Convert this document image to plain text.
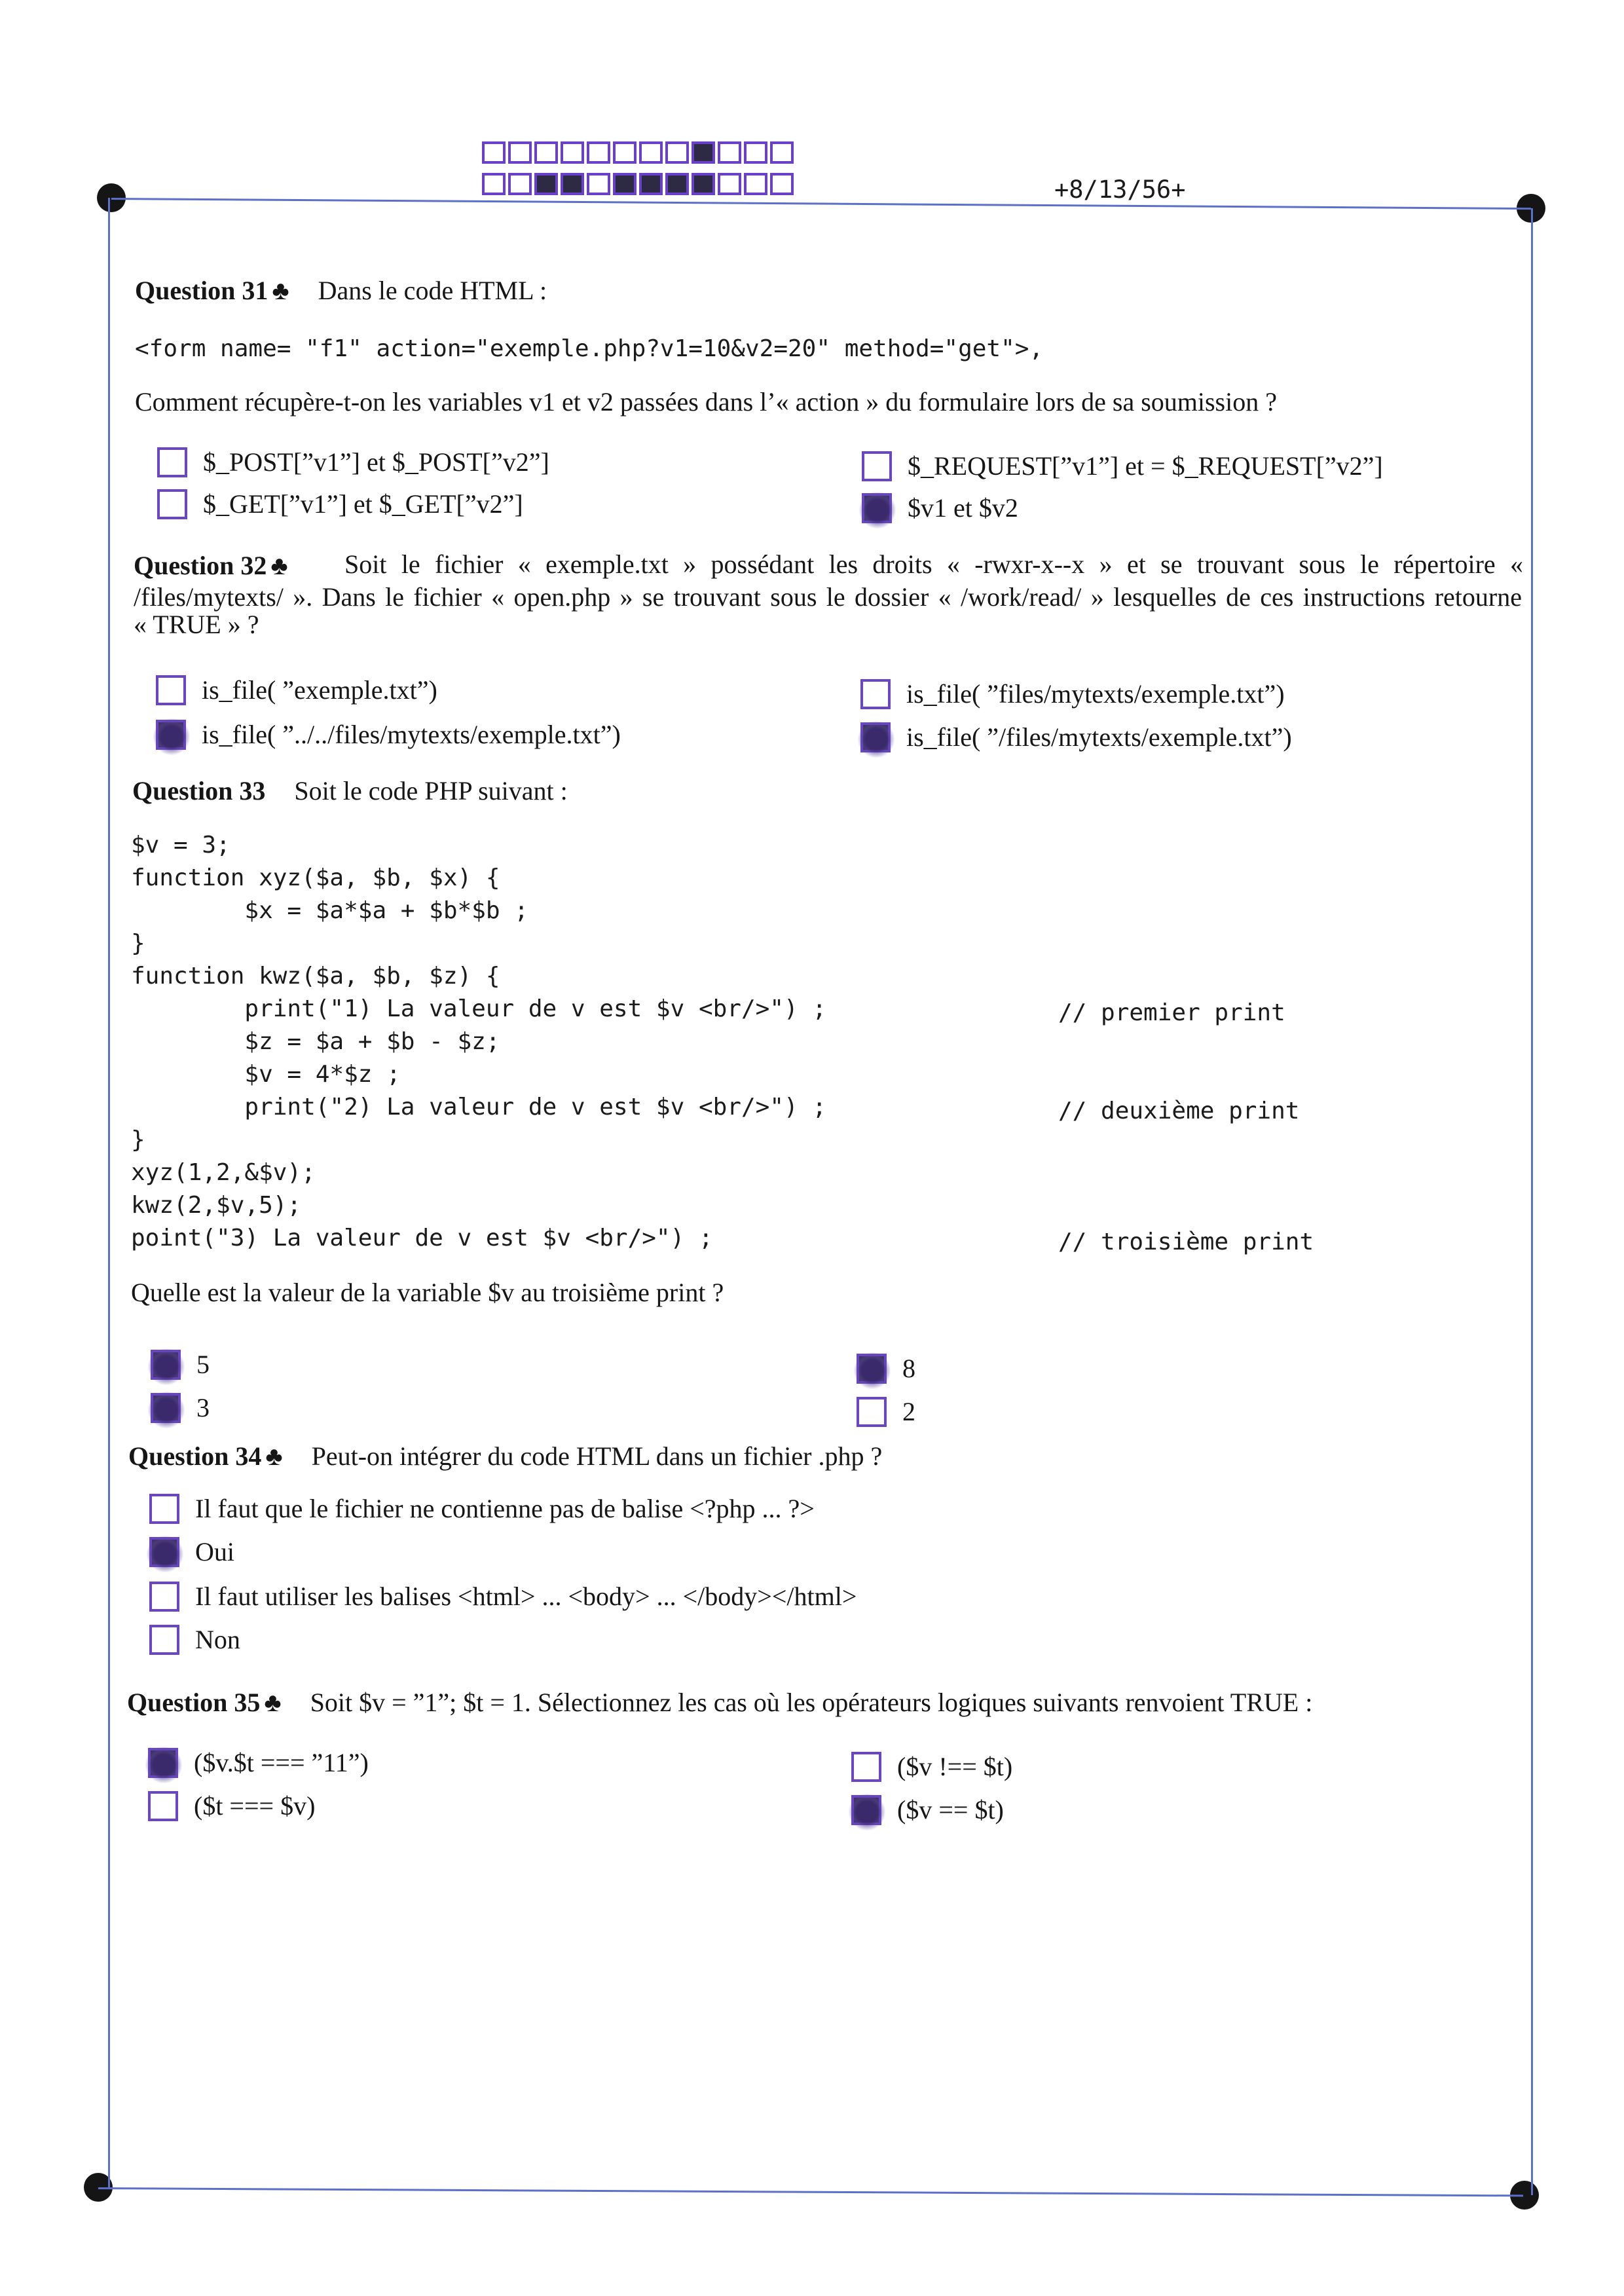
+8/13/56+
Question 31 ♣ Dans le code HTML :
<form name= "f1" action="exemple.php?v1=10&v2=20" method="get">,
Comment récupère-t-on les variables v1 et v2 passées dans l’« action » du formulaire lors de sa soumission ?
$_POST[”v1”] et $_POST[”v2”]	$_REQUEST[”v1”] et = $_REQUEST[”v2”]
$_GET[”v1”] et $_GET[”v2”]	$v1 et $v2
Question 32 ♣	Soit le fichier « exemple.txt » possédant les droits « -rwxr-x--x » et se trouvant sous le répertoire «
/files/mytexts/ ». Dans le fichier « open.php » se trouvant sous le dossier « /work/read/ » lesquelles de ces instructions retourne
« TRUE » ?
is_file( ”exemple.txt”)	is_file( ”files/mytexts/exemple.txt”)
is_file( ”../../files/mytexts/exemple.txt”)	is_file( ”/files/mytexts/exemple.txt”)
Question 33 Soit le code PHP suivant :
$v = 3;
function xyz($a, $b, $x) {
$x = $a*$a + $b*$b ;
}
function kwz($a, $b, $z) {
print("1) La valeur de v est $v <br/>") ;
$z = $a + $b - $z;
$v = 4*$z ;
print("2) La valeur de v est $v <br/>") ;
}
xyz(1,2,&$v);
kwz(2,$v,5);
point("3) La valeur de v est $v <br/>") ;
// premier print
// deuxième print
// troisième print
Quelle est la valeur de la variable $v au troisième print ?
5	8
3	2
Question 34 ♣ Peut-on intégrer du code HTML dans un fichier .php ?
Il faut que le fichier ne contienne pas de balise <?php ... ?>
Oui
Il faut utiliser les balises <html> ... <body> ... </body></html>
Non
Question 35 ♣ Soit $v = ”1”; $t = 1. Sélectionnez les cas où les opérateurs logiques suivants renvoient TRUE :
($v.$t === ”11”)	($v !== $t)
($t === $v)	($v == $t)
